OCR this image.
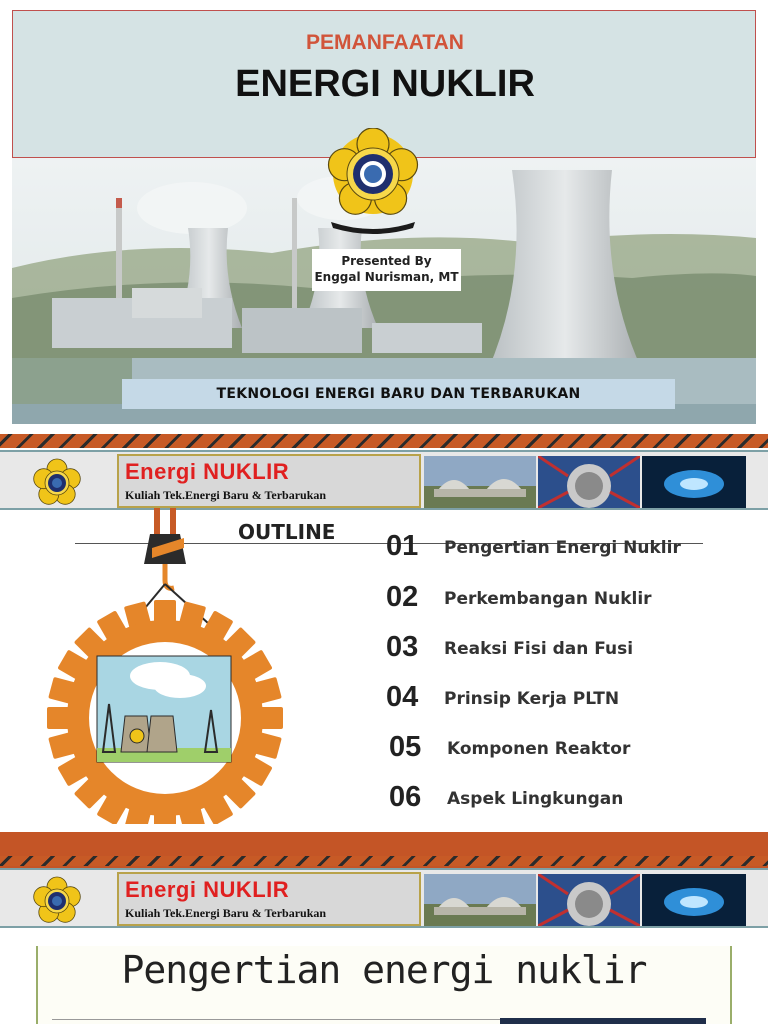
PEMANFAATAN
ENERGI NUKLIR
Presented By
Enggal Nurisman, MT
TEKNOLOGI ENERGI BARU DAN TERBARUKAN
Energi NUKLIR
Kuliah Tek.Energi Baru & Terbarukan
OUTLINE 01 Pengertian Energi Nuklir
02 Perkembangan Nuklir
03 Reaksi Fisi dan Fusi
04 Prinsip Kerja PLTN
05 Komponen Reaktor
06 Aspek Lingkungan
Energi NUKLIR
Kuliah Tek.Energi Baru & Terbarukan
Pengertian energi nuklir
